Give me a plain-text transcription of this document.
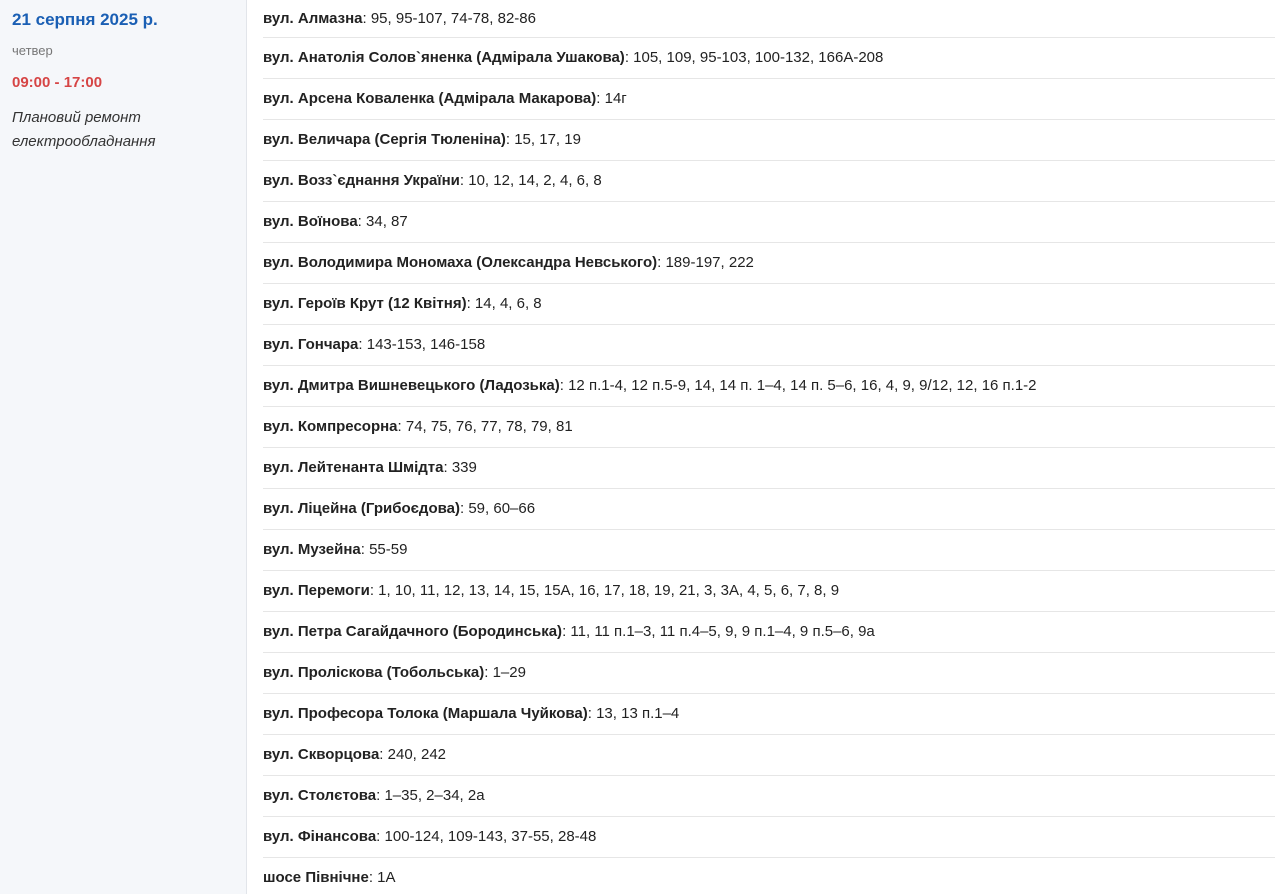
21 серпня 2025 р.
четвер
09:00 - 17:00
Плановий ремонт електрообладнання
вул. Алмазна: 95, 95-107, 74-78, 82-86
вул. Анатолія Солов`яненка (Адмірала Ушакова): 105, 109, 95-103, 100-132, 166А-208
вул. Арсена Коваленка (Адмірала Макарова): 14г
вул. Величара (Сергія Тюленіна): 15, 17, 19
вул. Возз`єднання України: 10, 12, 14, 2, 4, 6, 8
вул. Воїнова: 34, 87
вул. Володимира Мономаха (Олександра Невського): 189-197, 222
вул. Героїв Крут (12 Квітня): 14, 4, 6, 8
вул. Гончара: 143-153, 146-158
вул. Дмитра Вишневецького (Ладозька): 12 п.1-4, 12 п.5-9, 14, 14 п. 1–4, 14 п. 5–6, 16, 4, 9, 9/12, 12, 16 п.1-2
вул. Компресорна: 74, 75, 76, 77, 78, 79, 81
вул. Лейтенанта Шмідта: 339
вул. Ліцейна (Грибоєдова): 59, 60–66
вул. Музейна: 55-59
вул. Перемоги: 1, 10, 11, 12, 13, 14, 15, 15А, 16, 17, 18, 19, 21, 3, 3А, 4, 5, 6, 7, 8, 9
вул. Петра Сагайдачного (Бородинська): 11, 11 п.1–3, 11 п.4–5, 9, 9 п.1–4, 9 п.5–6, 9а
вул. Пролiскова (Тобольська): 1–29
вул. Професора Толока (Маршала Чуйкова): 13, 13 п.1–4
вул. Скворцова: 240, 242
вул. Столєтова: 1–35, 2–34, 2а
вул. Фінансова: 100-124, 109-143, 37-55, 28-48
шосе Північне: 1А
